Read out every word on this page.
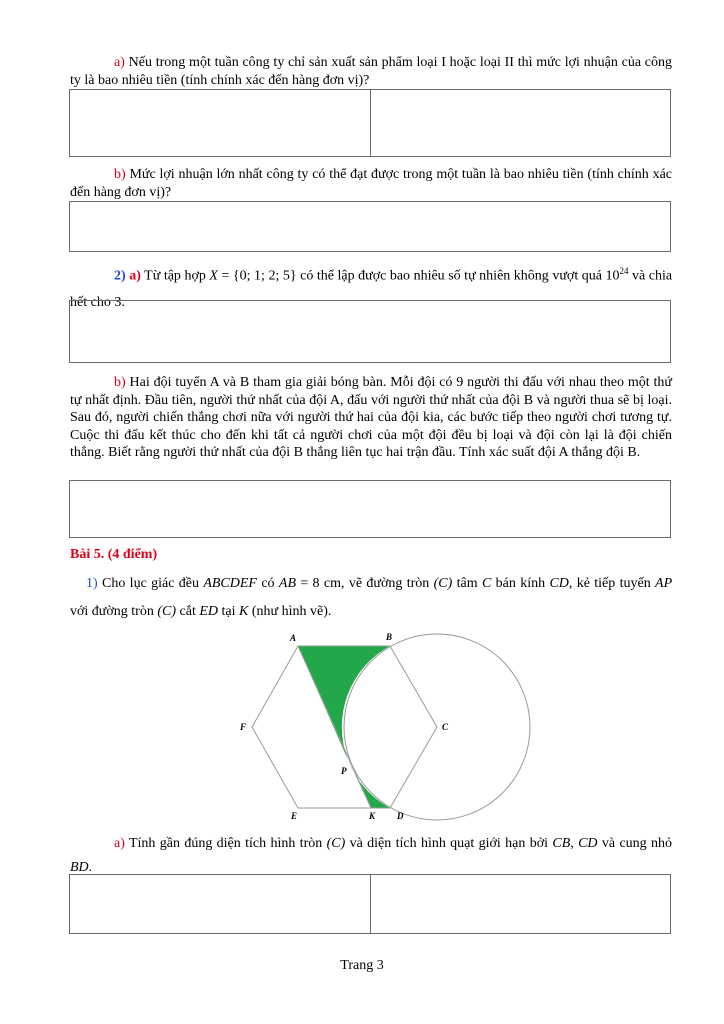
a) Nếu trong một tuần công ty chỉ sản xuất sản phẩm loại I hoặc loại II thì mức lợi nhuận của công ty là bao nhiêu tiền (tính chính xác đến hàng đơn vị)?

b) Mức lợi nhuận lớn nhất công ty có thể đạt được trong một tuần là bao nhiêu tiền (tính chính xác đến hàng đơn vị)?

2) a) Từ tập hợp X = {0; 1; 2; 5} có thể lập được bao nhiêu số tự nhiên không vượt quá $10^{24}$ và chia hết cho 3.

b) Hai đội tuyển A và B tham gia giải bóng bàn. Mỗi đội có 9 người thi đấu với nhau theo một thứ tự nhất định. Đầu tiên, người thứ nhất của đội A, đấu với người thứ nhất của đội B và người thua sẽ bị loại. Sau đó, người chiến thắng chơi nữa với người thứ hai của đội kia, các bước tiếp theo người chơi tương tự. Cuộc thi đấu kết thúc cho đến khi tất cả người chơi của một đội đều bị loại và đội còn lại là đội chiến thắng. Biết rằng người thứ nhất của đội B thắng liên tục hai trận đầu. Tính xác suất đội A thắng đội B.

Bài 5. (4 điểm)

1) Cho lục giác đều ABCDEF có AB = 8 cm, vẽ đường tròn (C) tâm C bán kính CD, kẻ tiếp tuyến AP với đường tròn (C) cắt ED tại K (như hình vẽ).

A	B
C
D
E
F
P
K

a) Tính gần đúng diện tích hình tròn (C) và diện tích hình quạt giới hạn bởi CB, CD và cung nhỏ BD.

Trang 3
